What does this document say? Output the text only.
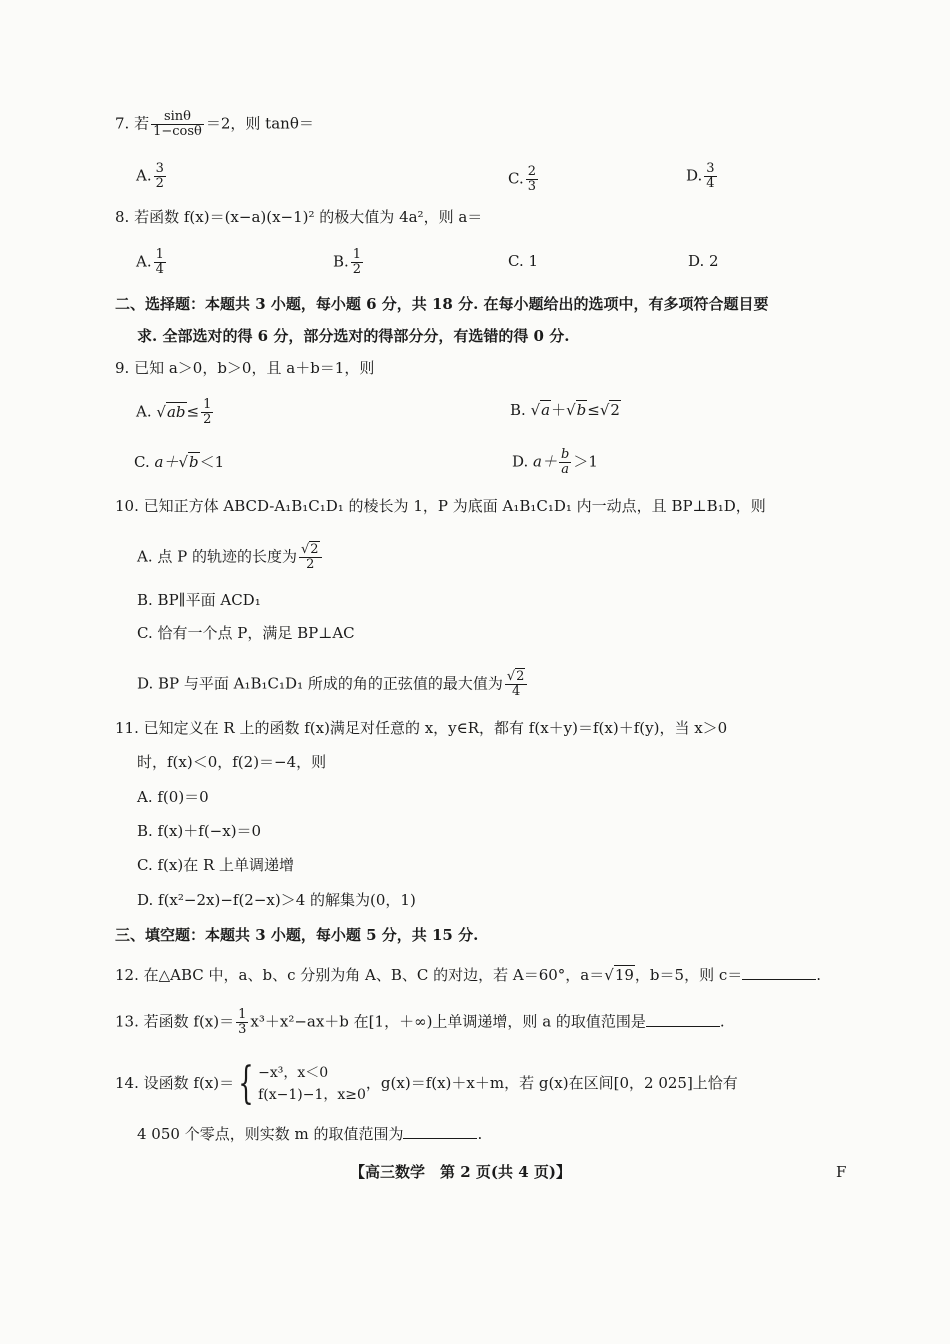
7. 若 $\frac{\sin\theta}{1-\cos\theta} =2$，则 tanθ＝
A. $\frac{3}{2}$	C. $\frac{2}{3}$	D. $\frac{3}{4}$
8. 若函数 f(x)＝(x−a)(x−1)² 的极大值为 4a²，则 a＝
A. $\frac{1}{4}$	B. $\frac{1}{2}$	C. 1	D. 2
二、选择题：本题共 3 小题，每小题 6 分，共 18 分. 在每小题给出的选项中，有多项符合题目要
求. 全部选对的得 6 分，部分选对的得部分分，有选错的得 0 分.
9. 已知 a＞0，b＞0，且 a＋b＝1，则
A. $√ab\le \frac{1}{2}$	B. √a＋√b≤√2
C. a＋√b＜1	D. $a+ \frac{b}{a} >1$
10. 已知正方体 ABCD-A₁B₁C₁D₁ 的棱长为 1，P 为底面 A₁B₁C₁D₁ 内一动点，且 BP⊥B₁D，则
A. 点 P 的轨迹的长度为 $\frac{√2}{2}$
B. BP∥平面 ACD₁
C. 恰有一个点 P，满足 BP⊥AC
D. BP 与平面 A₁B₁C₁D₁ 所成的角的正弦值的最大值为 $\frac{√2}{4}$
11. 已知定义在 R 上的函数 f(x)满足对任意的 x，y∈R，都有 f(x＋y)＝f(x)＋f(y)，当 x＞0
时，f(x)＜0，f(2)＝−4，则
A. f(0)＝0
B. f(x)＋f(−x)＝0
C. f(x)在 R 上单调递增
D. f(x²−2x)−f(2−x)＞4 的解集为(0，1)
三、填空题：本题共 3 小题，每小题 5 分，共 15 分.
12. 在△ABC 中，a、b、c 分别为角 A、B、C 的对边，若 A＝60°，a＝√19，b＝5，则 c＝	.
13. 若函数 $f(x)= \frac{1}{3} x^3+x^2-ax+b$ 在[1，＋∞)上单调递增，则 a 的取值范围是	.
14. 设函数 f(x)＝{ −x³，x＜0
f(x−1)−1，x≥0
，g(x)＝f(x)＋x＋m，若 g(x)在区间[0，2 025]上恰有
4 050 个零点，则实数 m 的取值范围为	.
【高三数学　第 2 页(共 4 页)】	F
